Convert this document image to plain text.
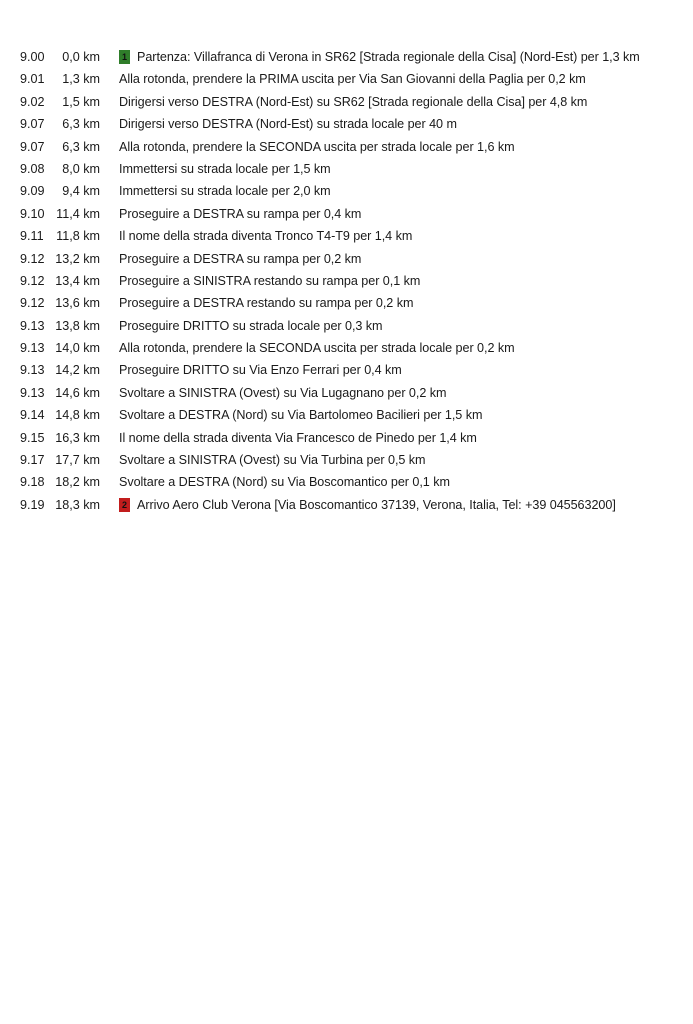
9.00	0,0 km	1 Partenza: Villafranca di Verona in SR62 [Strada regionale della Cisa] (Nord-Est) per 1,3 km
9.01	1,3 km	Alla rotonda, prendere la PRIMA uscita per Via San Giovanni della Paglia per 0,2 km
9.02	1,5 km	Dirigersi verso DESTRA (Nord-Est) su SR62 [Strada regionale della Cisa] per 4,8 km
9.07	6,3 km	Dirigersi verso DESTRA (Nord-Est) su strada locale per 40 m
9.07	6,3 km	Alla rotonda, prendere la SECONDA uscita per strada locale per 1,6 km
9.08	8,0 km	Immettersi su strada locale per 1,5 km
9.09	9,4 km	Immettersi su strada locale per 2,0 km
9.10 11,4 km	Proseguire a DESTRA su rampa per 0,4 km
9.11 11,8 km	Il nome della strada diventa Tronco T4-T9 per 1,4 km
9.12 13,2 km	Proseguire a DESTRA su rampa per 0,2 km
9.12 13,4 km	Proseguire a SINISTRA restando su rampa per 0,1 km
9.12 13,6 km	Proseguire a DESTRA restando su rampa per 0,2 km
9.13 13,8 km	Proseguire DRITTO su strada locale per 0,3 km
9.13 14,0 km	Alla rotonda, prendere la SECONDA uscita per strada locale per 0,2 km
9.13 14,2 km	Proseguire DRITTO su Via Enzo Ferrari per 0,4 km
9.13 14,6 km	Svoltare a SINISTRA (Ovest) su Via Lugagnano per 0,2 km
9.14 14,8 km	Svoltare a DESTRA (Nord) su Via Bartolomeo Bacilieri per 1,5 km
9.15 16,3 km	Il nome della strada diventa Via Francesco de Pinedo per 1,4 km
9.17 17,7 km	Svoltare a SINISTRA (Ovest) su Via Turbina per 0,5 km
9.18 18,2 km	Svoltare a DESTRA (Nord) su Via Boscomantico per 0,1 km
9.19 18,3 km	2 Arrivo Aero Club Verona [Via Boscomantico 37139, Verona, Italia, Tel: +39 045563200]
